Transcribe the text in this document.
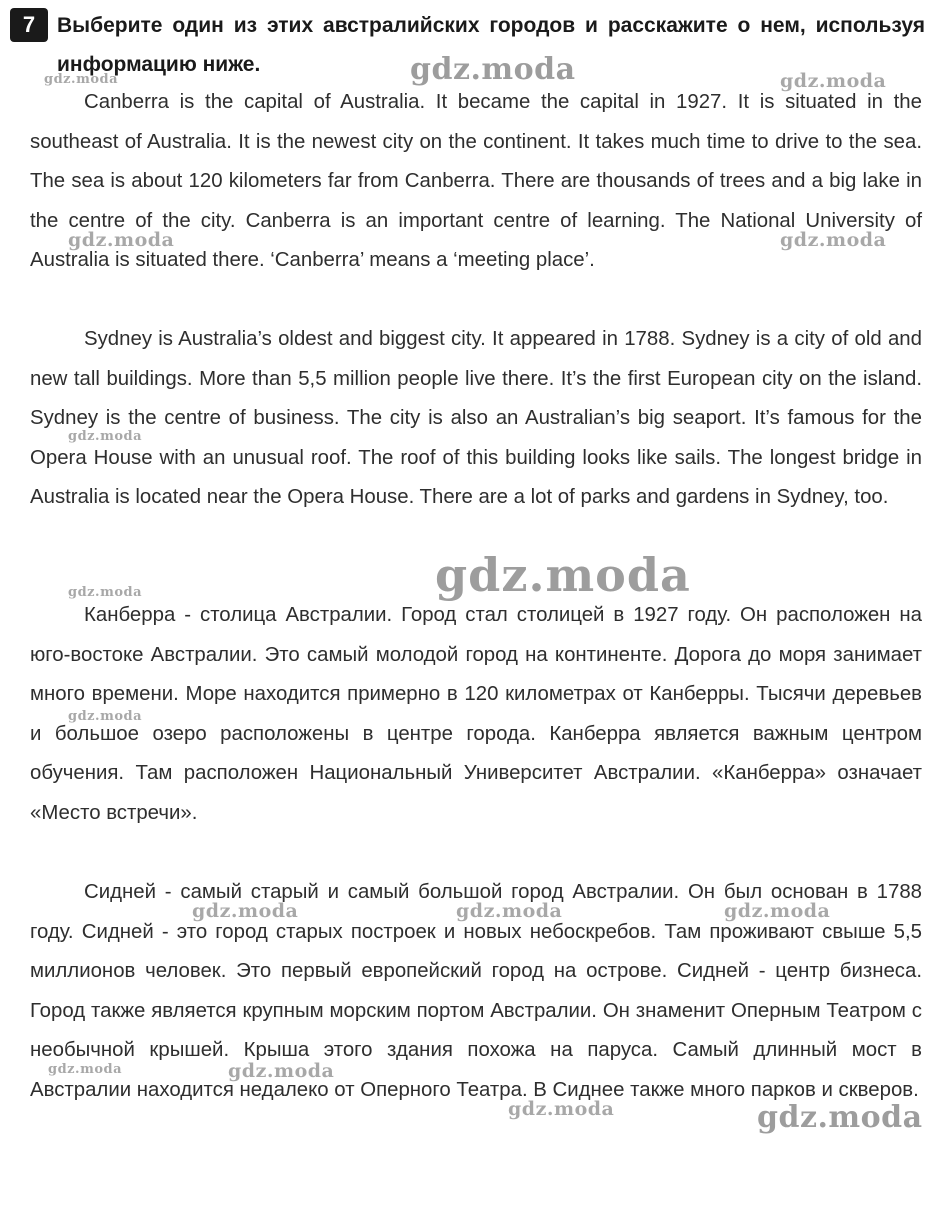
7	Выберите один из этих австралийских городов и расскажите о нем, используя информацию ниже.

Canberra is the capital of Australia. It became the capital in 1927. It is situated in the southeast of Australia. It is the newest city on the continent. It takes much time to drive to the sea. The sea is about 120 kilometers far from Canberra. There are thousands of trees and a big lake in the centre of the city. Canberra is an important centre of learning. The National University of Australia is situated there. ‘Canberra’ means a ‘meeting place’.

Sydney is Australia’s oldest and biggest city. It appeared in 1788. Sydney is a city of old and new tall buildings. More than 5,5 million people live there. It’s the first European city on the island. Sydney is the centre of business. The city is also an Australian’s big seaport. It’s famous for the Opera House with an unusual roof. The roof of this building looks like sails. The longest bridge in Australia is located near the Opera House. There are a lot of parks and gardens in Sydney, too.

Канберра - столица Австралии. Город стал столицей в 1927 году. Он расположен на юго-востоке Австралии. Это самый молодой город на континенте. Дорога до моря занимает много времени. Море находится примерно в 120 километрах от Канберры. Тысячи деревьев и большое озеро расположены в центре города. Канберра является важным центром обучения. Там расположен Национальный Университет Австралии. «Канберра» означает «Место встречи».

Сидней - самый старый и самый большой город Австралии. Он был основан в 1788 году. Сидней - это город старых построек и новых небоскребов. Там проживают свыше 5,5 миллионов человек. Это первый европейский город на острове. Сидней - центр бизнеса. Город также является крупным морским портом Австралии. Он знаменит Оперным Театром с необычной крышей. Крыша этого здания похожа на паруса. Самый длинный мост в Австралии находится недалеко от Оперного Театра. В Сиднее также много парков и скверов.

gdz.moda	gdz.moda	gdz.moda
gdz.moda	gdz.moda
gdz.moda
gdz.moda
gdz.moda
gdz.moda
gdz.moda	gdz.moda	gdz.moda
gdz.moda	gdz.moda
gdz.moda	gdz.moda
